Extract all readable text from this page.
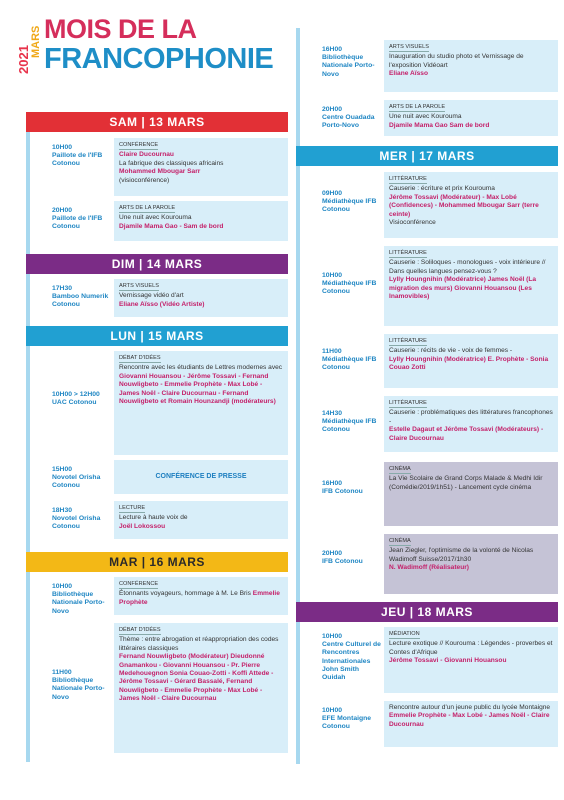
2021
MARS MOIS DE LA
FRANCOPHONIE
SAM | 13 MARS
10H00
Paillote de l'IFB Cotonou
CONFÉRENCE
Claire Ducournau
La fabrique des classiques africains
Mohammed Mbougar Sarr
(visioconférence)
20H00
Paillote de l'IFB Cotonou
ARTS DE LA PAROLE
Une nuit avec Kourouma
Djamile Mama Gao - Sam de bord
DIM | 14 MARS
17H30
Bamboo Numerik Cotonou
ARTS VISUELS
Vernissage vidéo d'art
Eliane Aïsso (Vidéo Artiste)
LUN | 15 MARS
10H00 > 12H00
UAC Cotonou
DÉBAT D'IDÉES
Rencontre avec les étudiants de Lettres modernes avec
Giovanni Houansou - Jérôme Tossavi - Fernand Nouwligbeto - Emmelie Prophète - Max Lobé - James Noël - Claire Ducournau - Fernand Nouwligbeto et Romain Hounzandji (modérateurs)
15H00
Novotel Orisha Cotonou
CONFÉRENCE DE PRESSE
18H30
Novotel Orisha Cotonou
LECTURE
Lecture à haute voix de
Joël Lokossou
MAR | 16 MARS
10H00
Bibliothèque Nationale Porto-Novo
CONFÉRENCE
Étonnants voyageurs, hommage à M. Le Bris Emmelie Prophète
11H00
Bibliothèque Nationale Porto-Novo
DÉBAT D'IDÉES
Thème : entre abrogation et réappropriation des codes littéraires classiques
Fernand Nouwligbeto (Modérateur) Dieudonné Gnamankou - Giovanni Houansou - Pr. Pierre Medehouegnon Sonia Couao-Zotti - Koffi Attede - Jérôme Tossavi - Gérard Bassalé, Fernand Nouwligbeto - Emmelie Prophète - Max Lobé - James Noël - Claire Ducournau
16H00
Bibliothèque Nationale Porto-Novo
ARTS VISUELS
Inauguration du studio photo et Vernissage de l'exposition Vidéoart
Eliane Aïsso
20H00
Centre Ouadada Porto-Novo
ARTS DE LA PAROLE
Une nuit avec Kourouma
Djamile Mama Gao Sam de bord
MER | 17 MARS
09H00
Médiathèque IFB Cotonou
LITTÉRATURE
Causerie : écriture et prix Kourouma
Jérôme Tossavi (Modérateur) - Max Lobé (Confidences) - Mohammed Mbougar Sarr (terre ceinte)
Visioconférence
10H00
Médiathèque IFB Cotonou
LITTÉRATURE
Causerie : Soliloques - monologues - voix intérieure // Dans quelles langues pensez-vous ?
Lylly Houngnihin (Modératrice) James Noël (La migration des murs) Giovanni Houansou (Les Inamovibles)
11H00
Médiathèque IFB Cotonou
LITTÉRATURE
Causerie : récits de vie - voix de femmes -
Lylly Houngnihin (Modératrice) E. Prophète - Sonia Couao Zotti
14H30
Médiathèque IFB Cotonou
LITTÉRATURE
Causerie : problématiques des littératures francophones -
Estelle Dagaut et Jérôme Tossavi (Modérateurs) - Claire Ducournau
16H00
IFB Cotonou
CINÉMA
La Vie Scolaire de Grand Corps Malade & Medhi Idir (Comédie/2019/1h51) - Lancement cycle cinéma
20H00
IFB Cotonou
CINÉMA
Jean Ziegler, l'optimisme de la volonté de Nicolas Wadimoff Suisse/2017/1h30
N. Wadimoff (Réalisateur)
JEU | 18 MARS
10H00
Centre Culturel de Rencontres Internationales John Smith Ouidah
MÉDIATION
Lecture exotique // Kourouma : Légendes - proverbes et Contes d'Afrique
Jérôme Tossavi - Giovanni Houansou
10H00
EFE Montaigne Cotonou
Rencontre autour d'un jeune public du lycée Montaigne
Emmelie Prophète - Max Lobé - James Noël - Claire Ducournau
